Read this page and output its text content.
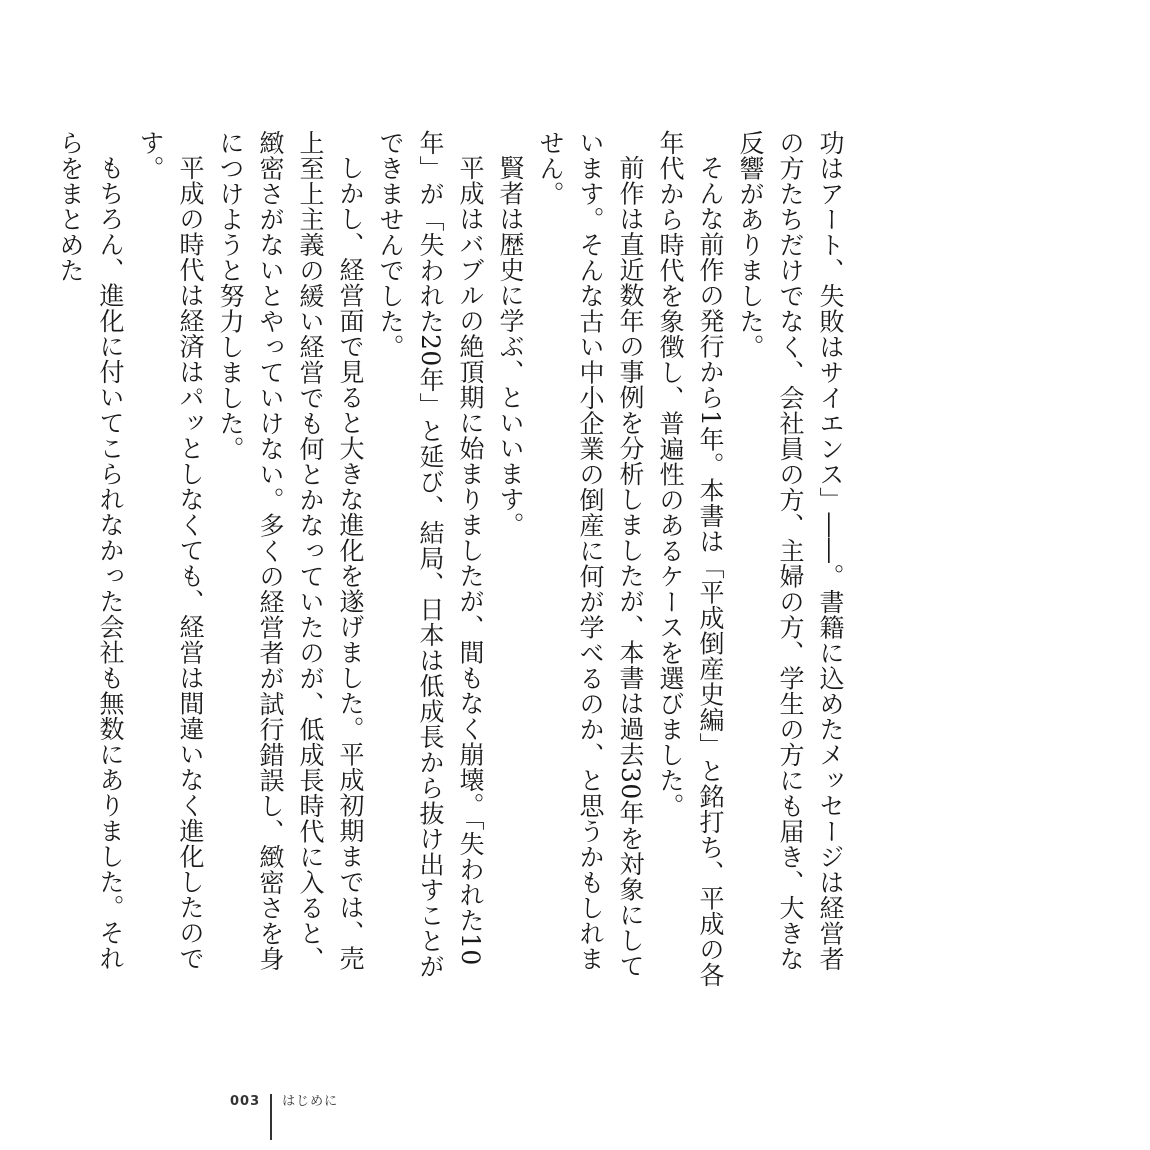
功はアート、失敗はサイエンス」――。書籍に込めたメッセージは経営者の方たちだけでなく、会社員の方、主婦の方、学生の方にも届き、大きな反響がありました。

そんな前作の発行から1年。本書は「平成倒産史編」と銘打ち、平成の各年代から時代を象徴し、普遍性のあるケースを選びました。

前作は直近数年の事例を分析しましたが、本書は過去30年を対象にしています。そんな古い中小企業の倒産に何が学べるのか、と思うかもしれません。

賢者は歴史に学ぶ、といいます。

平成はバブルの絶頂期に始まりましたが、間もなく崩壊。「失われた10年」が「失われた20年」と延び、結局、日本は低成長から抜け出すことができませんでした。

しかし、経営面で見ると大きな進化を遂げました。平成初期までは、売上至上主義の緩い経営でも何とかなっていたのが、低成長時代に入ると、緻密さがないとやっていけない。多くの経営者が試行錯誤し、緻密さを身につけようと努力しました。

平成の時代は経済はパッとしなくても、経営は間違いなく進化したのです。

もちろん、進化に付いてこられなかった会社も無数にありました。それらをまとめた

003 はじめに
